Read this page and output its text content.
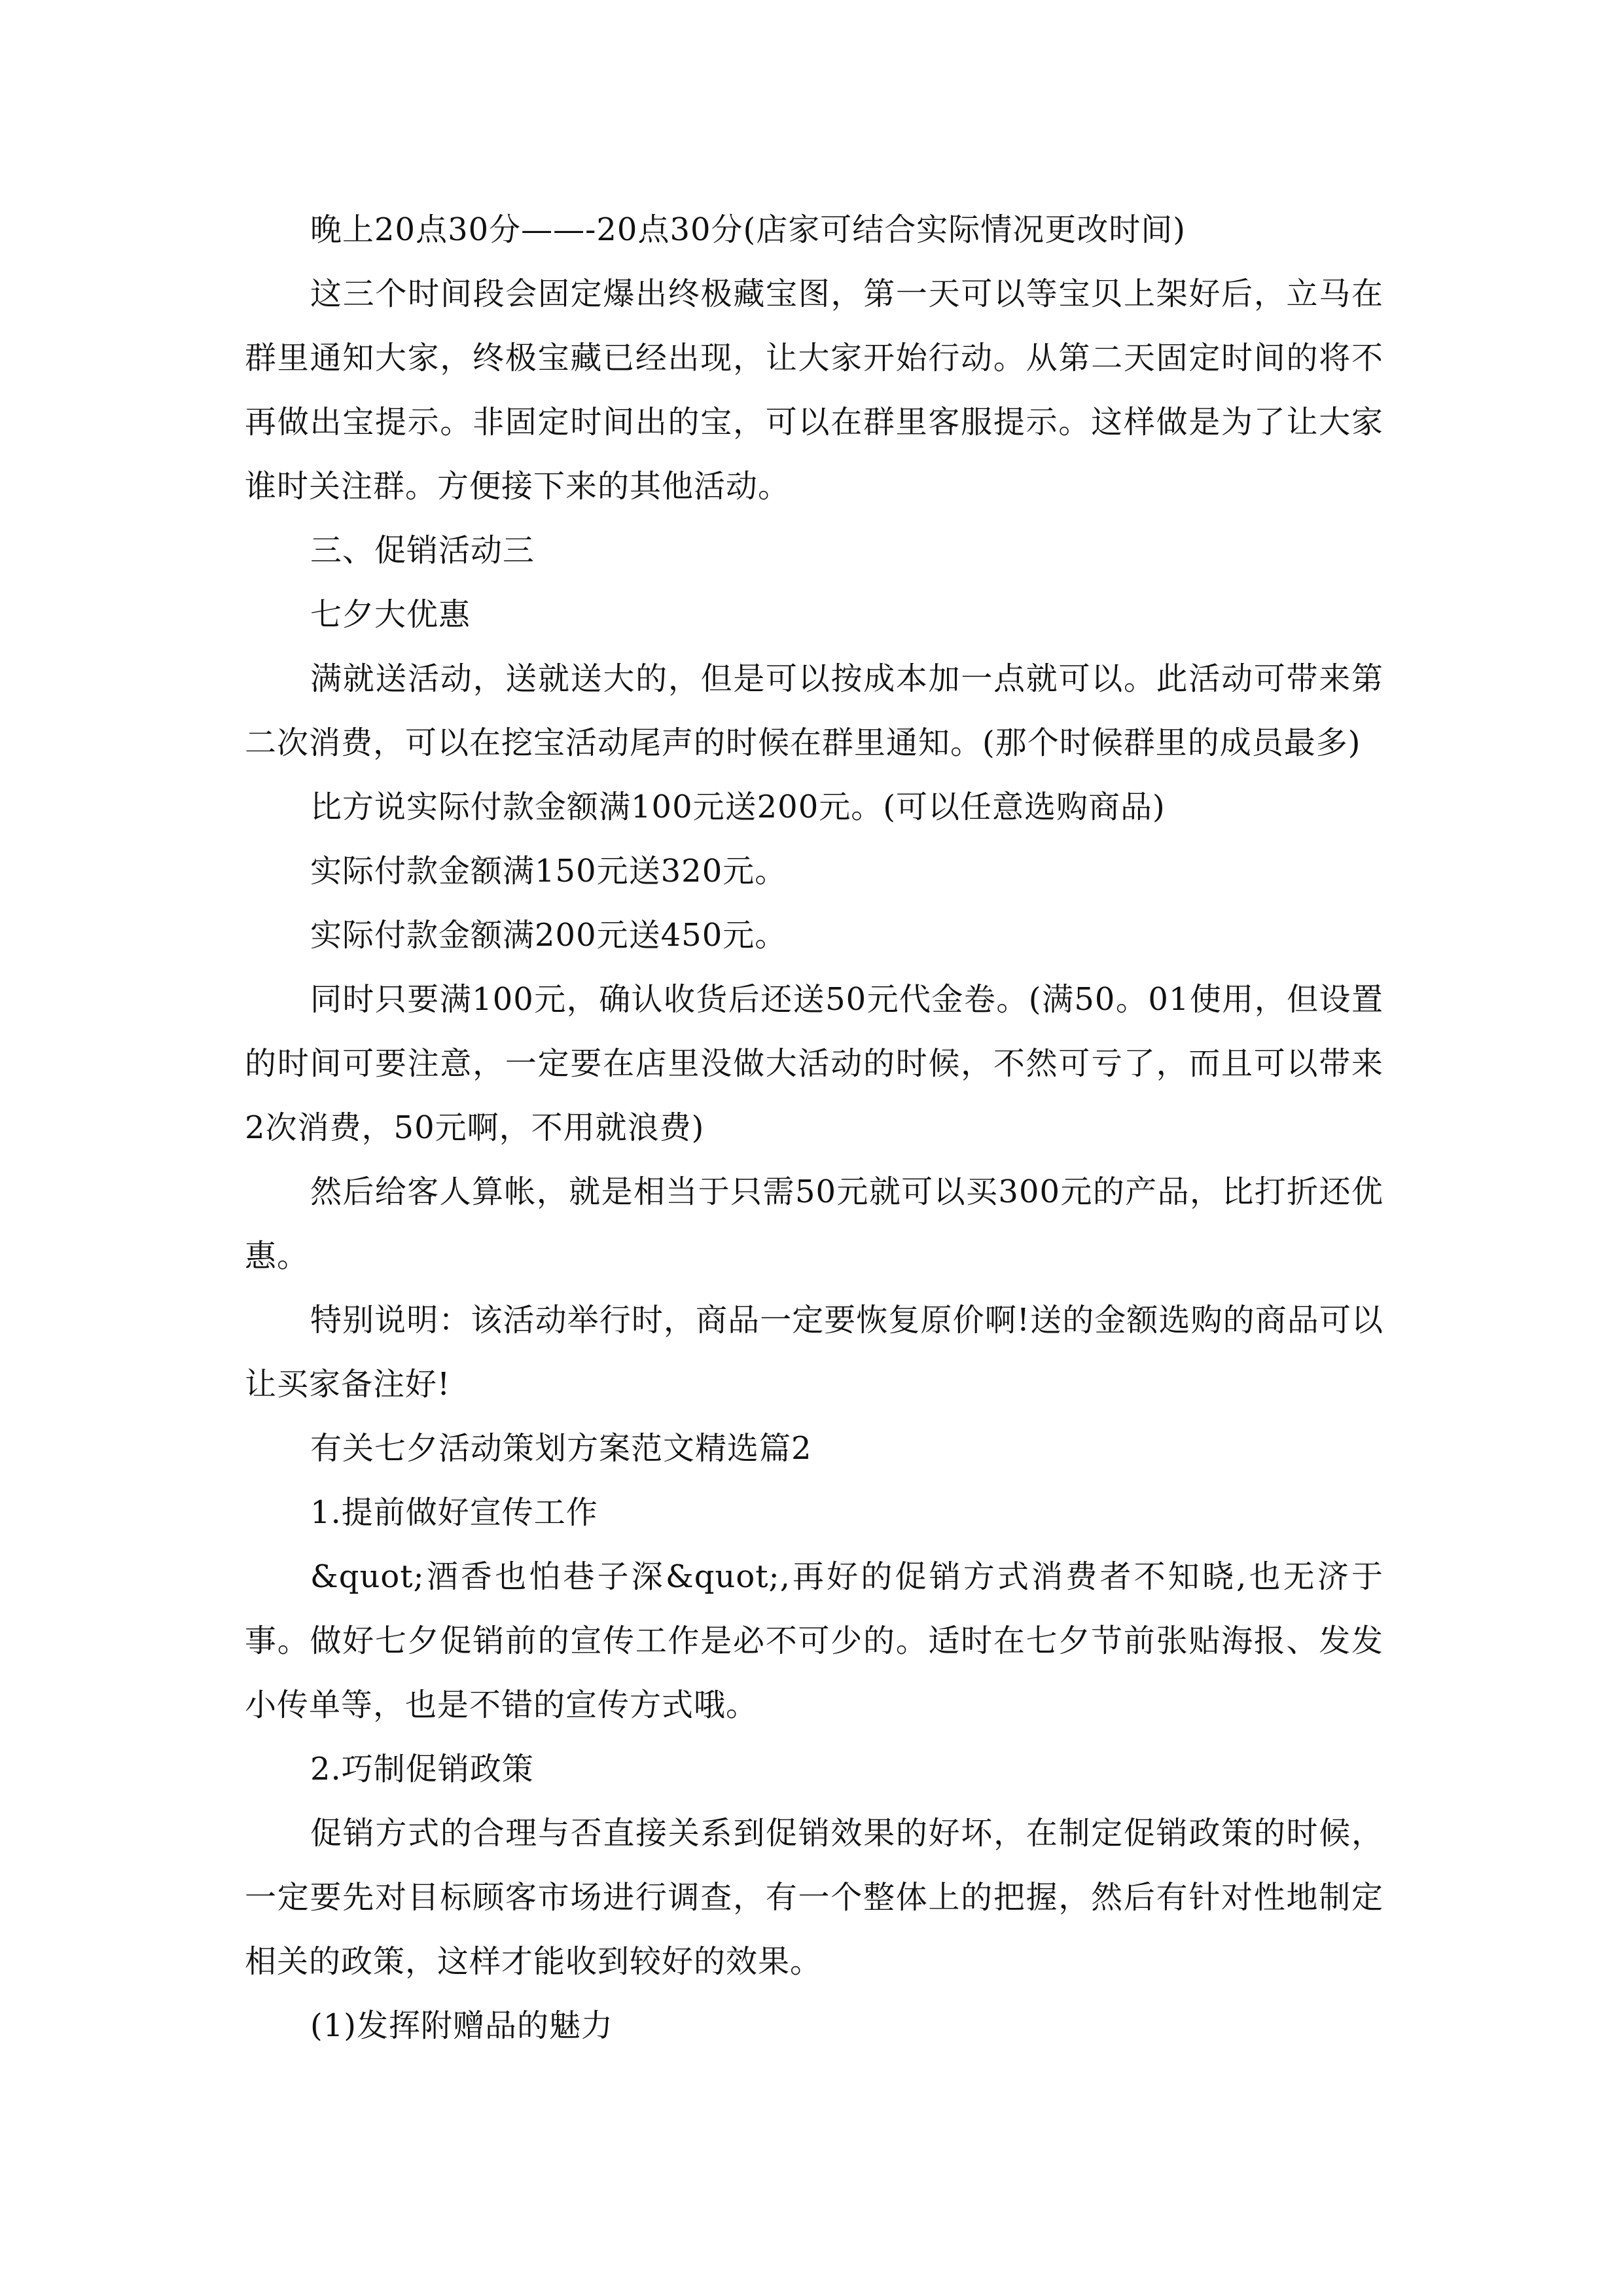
晚上20点30分——-20点30分(店家可结合实际情况更改时间)

这三个时间段会固定爆出终极藏宝图，第一天可以等宝贝上架好后，立马在群里通知大家，终极宝藏已经出现，让大家开始行动。从第二天固定时间的将不再做出宝提示。非固定时间出的宝，可以在群里客服提示。这样做是为了让大家谁时关注群。方便接下来的其他活动。

三、促销活动三

七夕大优惠

满就送活动，送就送大的，但是可以按成本加一点就可以。此活动可带来第二次消费，可以在挖宝活动尾声的时候在群里通知。(那个时候群里的成员最多)

比方说实际付款金额满100元送200元。(可以任意选购商品)

实际付款金额满150元送320元。

实际付款金额满200元送450元。

同时只要满100元，确认收货后还送50元代金卷。(满50。01使用，但设置的时间可要注意，一定要在店里没做大活动的时候，不然可亏了，而且可以带来2次消费，50元啊，不用就浪费)

然后给客人算帐，就是相当于只需50元就可以买300元的产品，比打折还优惠。

特别说明：该活动举行时，商品一定要恢复原价啊!送的金额选购的商品可以让买家备注好!

有关七夕活动策划方案范文精选篇2

1.提前做好宣传工作

&quot;酒香也怕巷子深&quot;,再好的促销方式消费者不知晓,也无济于事。做好七夕促销前的宣传工作是必不可少的。适时在七夕节前张贴海报、发发小传单等，也是不错的宣传方式哦。

2.巧制促销政策

促销方式的合理与否直接关系到促销效果的好坏，在制定促销政策的时候，一定要先对目标顾客市场进行调查，有一个整体上的把握，然后有针对性地制定相关的政策，这样才能收到较好的效果。

(1)发挥附赠品的魅力
